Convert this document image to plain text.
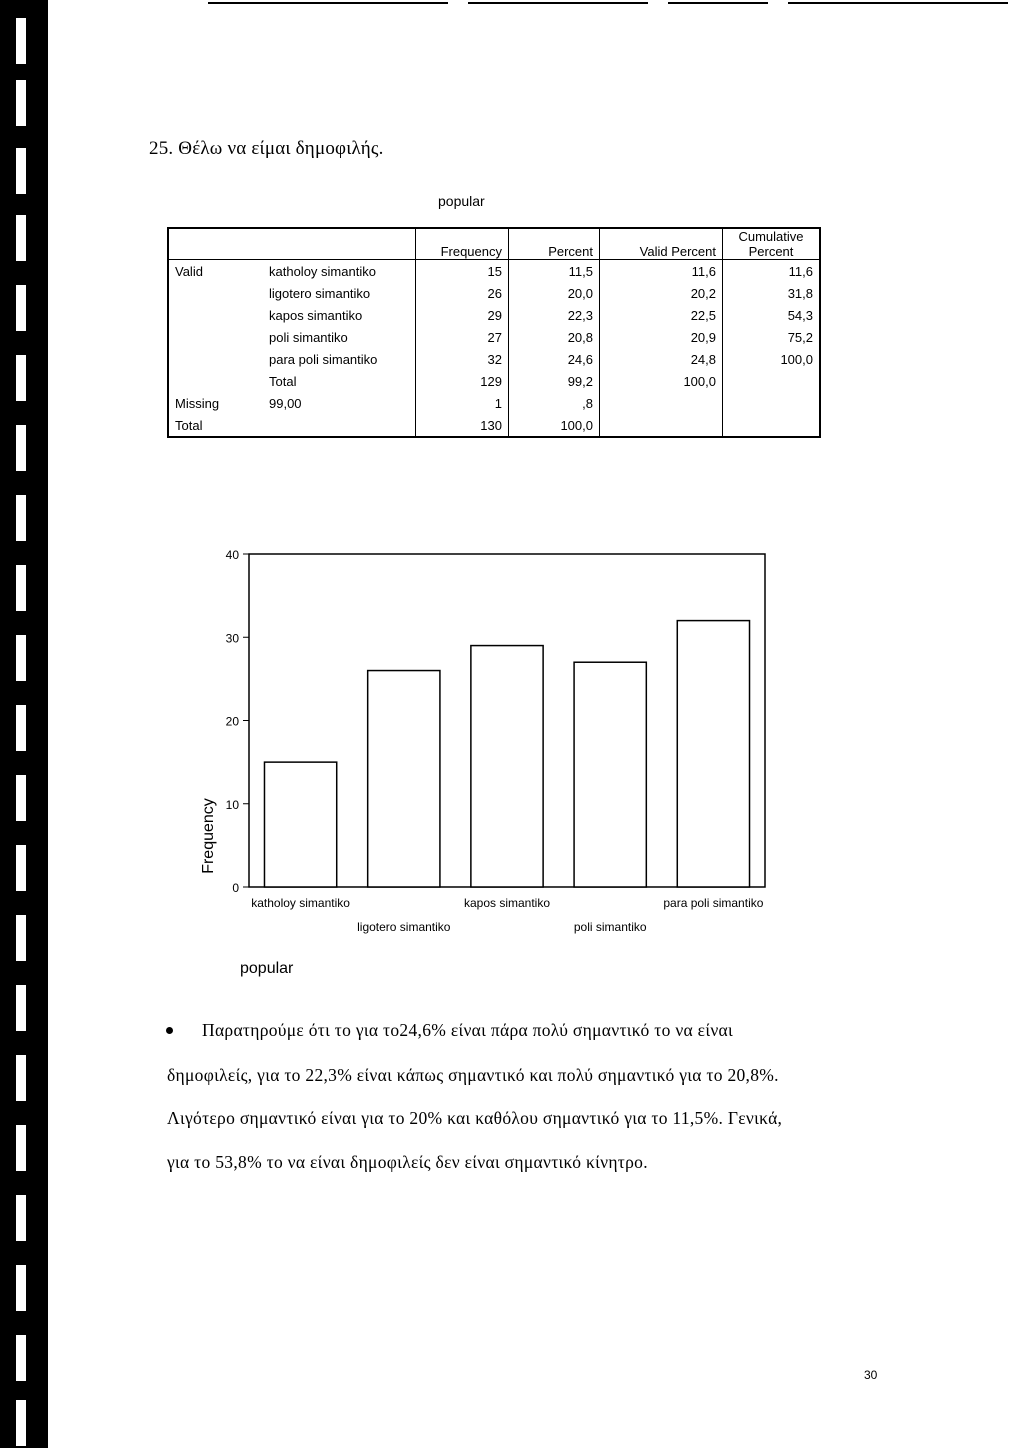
25. Θέλω να είμαι δημοφιλής.
popular
		Frequency	Percent	Valid Percent	Cumulative Percent
Valid	katholoy simantiko	15	11,5	11,6	11,6
	ligotero simantiko	26	20,0	20,2	31,8
	kapos simantiko	29	22,3	22,5	54,3
	poli simantiko	27	20,8	20,9	75,2
	para poli simantiko	32	24,6	24,8	100,0
	Total	129	99,2	100,0	
Missing	99,00	1	,8		
Total		130	100,0		
0
10
20
30
40
katholoy simantiko
ligotero simantiko
kapos simantiko
poli simantiko
para poli simantiko
Frequency
popular
Παρατηρούμε ότι το για το24,6% είναι πάρα πολύ σημαντικό το να είναι
δημοφιλείς, για το 22,3% είναι κάπως σημαντικό και πολύ σημαντικό για το 20,8%.
Λιγότερο σημαντικό είναι για το 20% και καθόλου σημαντικό για το 11,5%. Γενικά,
για το 53,8% το να είναι δημοφιλείς δεν είναι σημαντικό κίνητρο.
30
